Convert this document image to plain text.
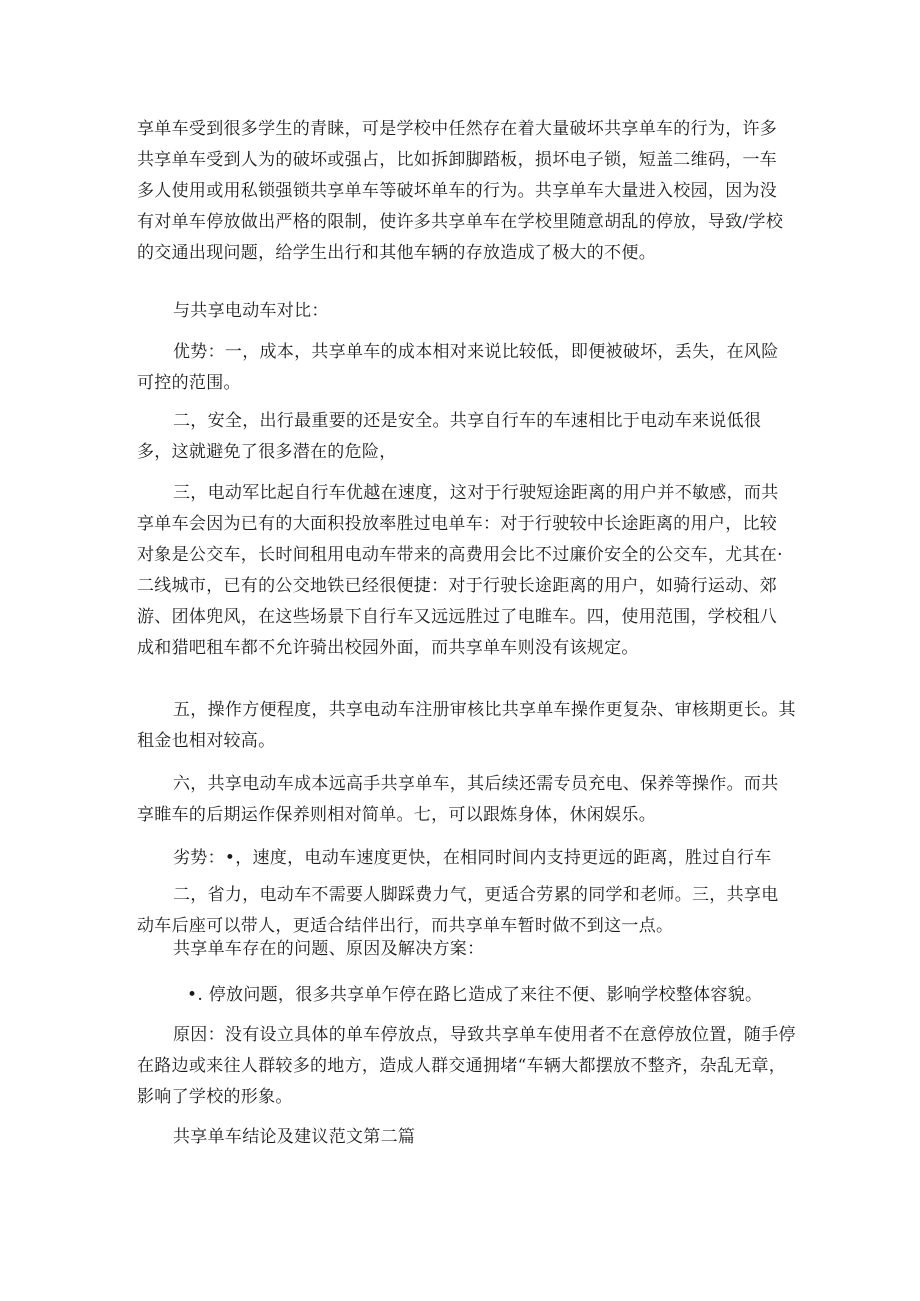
享单车受到很多学生的青睐，可是学校中任然存在着大量破坏共享单车的行为，许多
共享单车受到人为的破坏或强占，比如拆卸脚踏板，损坏电子锁，短盖二维码，一车
多人使用或用私锁强锁共享单车等破坏单车的行为。共享单车大量进入校园，因为没
有对单车停放做出严格的限制，使许多共享单车在学校里随意胡乱的停放，导致/学校
的交通出现问题，给学生出行和其他车辆的存放造成了极大的不便。

与共享电动车对比：

优势：一，成本，共享单车的成本相对来说比较低，即便被破坏，丢失，在风险
可控的范围。

二，安全，出行最重要的还是安全。共享自行车的车速相比于电动车来说低很
多，这就避免了很多潜在的危险，

三，电动军比起自行车优越在速度，这对于行驶短途距离的用户并不敏感，而共
享单车会因为已有的大面积投放率胜过电单车：对于行驶较中长途距离的用户，比较
对象是公交车，长时间租用电动车带来的高费用会比不过廉价安全的公交车，尤其在·
二线城市，已有的公交地铁已经很便捷：对于行驶长途距离的用户，如骑行运动、郊
游、团体兜风，在这些场景下自行车又远远胜过了电睢车。四，使用范围，学校租八
成和猎吧租车都不允许骑出校园外面，而共享单车则没有该规定。

五，操作方便程度，共享电动车注册审核比共享单车操作更复杂、审核期更长。其
租金也相对较高。

六，共享电动车成本远高手共享单车，其后续还需专员充电、保养等操作。而共
享睢车的后期运作保养则相对简单。七，可以跟炼身体，休闲娱乐。

劣势：•，速度，电动车速度更快，在相同时间内支持更远的距离，胜过自行车

二，省力，电动车不需要人脚踩费力气，更适合劳累的同学和老师。三，共享电
动车后座可以带人，更适合结伴出行，而共享单车暂时做不到这一点。

共享单车存在的问题、原因及解决方案：

•. 停放问题，很多共享单乍停在路匕造成了来往不便、影响学校整体容貌。

原因：没有设立具体的单车停放点，导致共享单车使用者不在意停放位置，随手停
在路边或来往人群较多的地方，造成人群交通拥堵“车辆大都摆放不整齐，杂乱无章，
影响了学校的形象。

共享单车结论及建议范文第二篇
